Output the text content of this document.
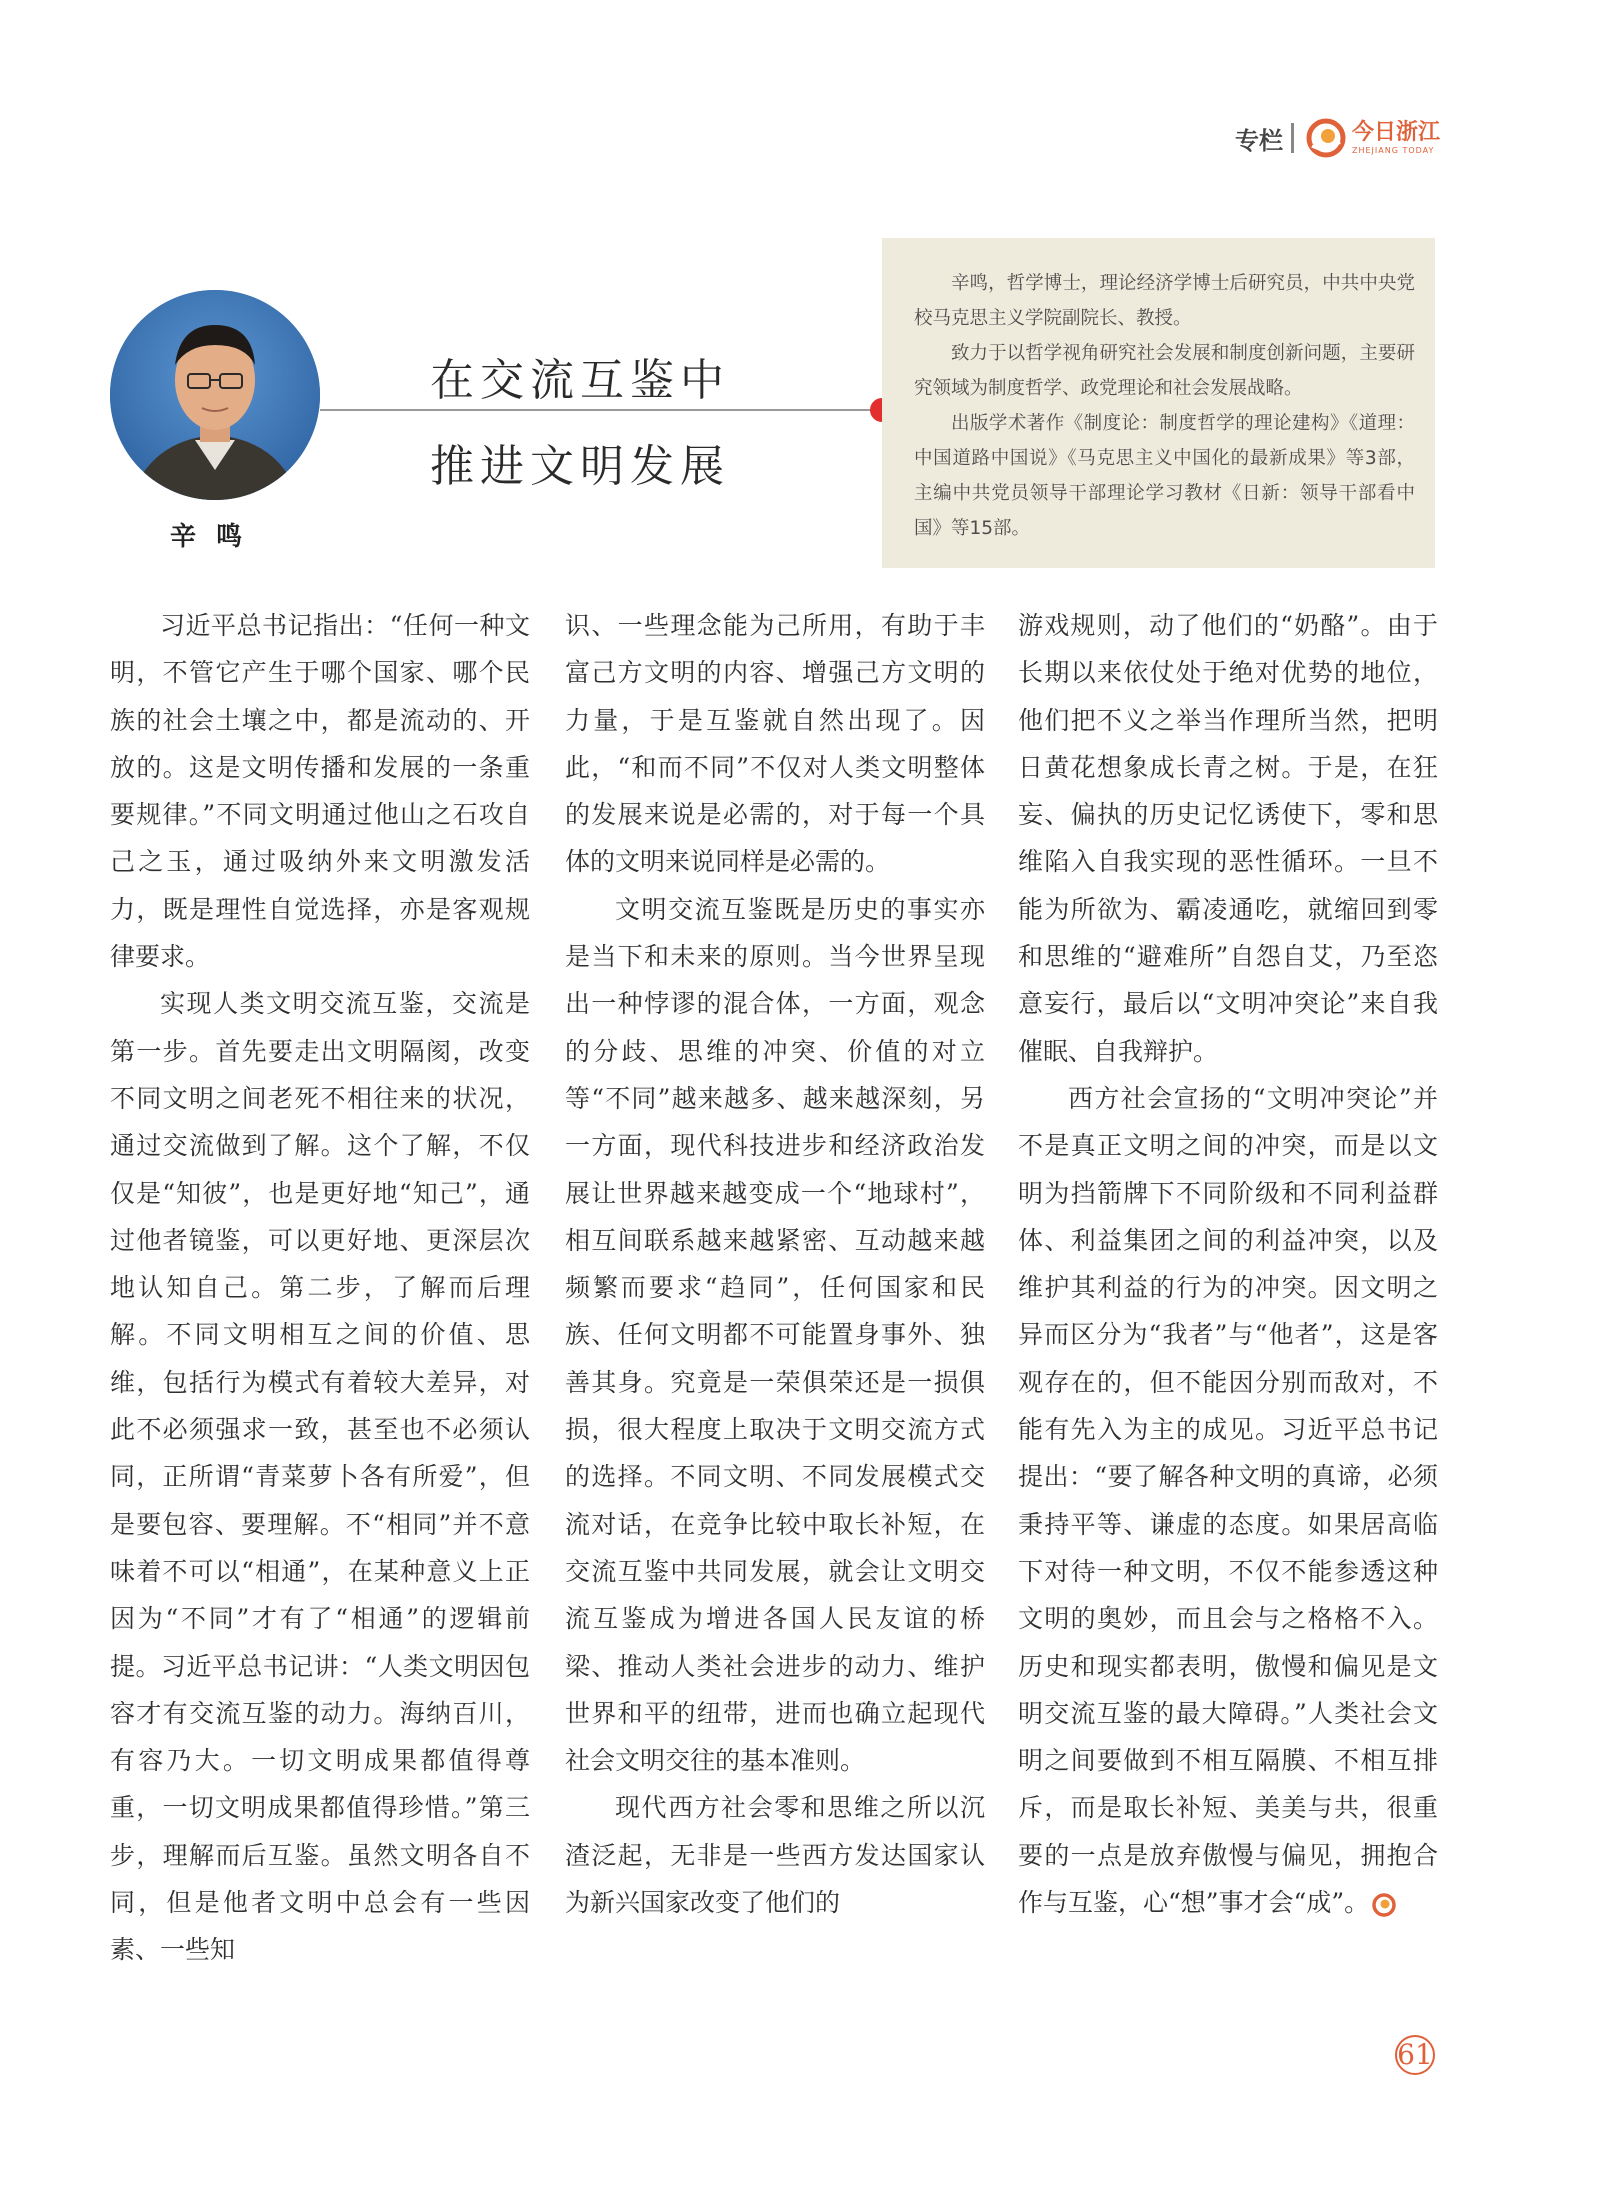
专栏	今日浙江
ZHEJIANG TODAY
辛鸣
在交流互鉴中
推进文明发展

辛鸣，哲学博士，理论经济学博士后研究员，中共中央党校马克思主义学院副院长、教授。

致力于以哲学视角研究社会发展和制度创新问题，主要研究领域为制度哲学、政党理论和社会发展战略。

出版学术著作《制度论：制度哲学的理论建构》《道理：中国道路中国说》《马克思主义中国化的最新成果》等3部，主编中共党员领导干部理论学习教材《日新：领导干部看中国》等15部。

习近平总书记指出：“任何一种文明，不管它产生于哪个国家、哪个民族的社会土壤之中，都是流动的、开放的。这是文明传播和发展的一条重要规律。”不同文明通过他山之石攻自己之玉，通过吸纳外来文明激发活力，既是理性自觉选择，亦是客观规律要求。

实现人类文明交流互鉴，交流是第一步。首先要走出文明隔阂，改变不同文明之间老死不相往来的状况，通过交流做到了解。这个了解，不仅仅是“知彼”，也是更好地“知己”，通过他者镜鉴，可以更好地、更深层次地认知自己。第二步，了解而后理解。不同文明相互之间的价值、思维，包括行为模式有着较大差异，对此不必须强求一致，甚至也不必须认同，正所谓“青菜萝卜各有所爱”，但是要包容、要理解。不“相同”并不意味着不可以“相通”，在某种意义上正因为“不同”才有了“相通”的逻辑前提。习近平总书记讲：“人类文明因包容才有交流互鉴的动力。海纳百川，有容乃大。一切文明成果都值得尊重，一切文明成果都值得珍惜。”第三步，理解而后互鉴。虽然文明各自不同，但是他者文明中总会有一些因素、一些知

识、一些理念能为己所用，有助于丰富己方文明的内容、增强己方文明的力量，于是互鉴就自然出现了。因此，“和而不同”不仅对人类文明整体的发展来说是必需的，对于每一个具体的文明来说同样是必需的。

文明交流互鉴既是历史的事实亦是当下和未来的原则。当今世界呈现出一种悖谬的混合体，一方面，观念的分歧、思维的冲突、价值的对立等“不同”越来越多、越来越深刻，另一方面，现代科技进步和经济政治发展让世界越来越变成一个“地球村”，相互间联系越来越紧密、互动越来越频繁而要求“趋同”，任何国家和民族、任何文明都不可能置身事外、独善其身。究竟是一荣俱荣还是一损俱损，很大程度上取决于文明交流方式的选择。不同文明、不同发展模式交流对话，在竞争比较中取长补短，在交流互鉴中共同发展，就会让文明交流互鉴成为增进各国人民友谊的桥梁、推动人类社会进步的动力、维护世界和平的纽带，进而也确立起现代社会文明交往的基本准则。

现代西方社会零和思维之所以沉渣泛起，无非是一些西方发达国家认为新兴国家改变了他们的

游戏规则，动了他们的“奶酪”。由于长期以来依仗处于绝对优势的地位，他们把不义之举当作理所当然，把明日黄花想象成长青之树。于是，在狂妄、偏执的历史记忆诱使下，零和思维陷入自我实现的恶性循环。一旦不能为所欲为、霸凌通吃，就缩回到零和思维的“避难所”自怨自艾，乃至恣意妄行，最后以“文明冲突论”来自我催眠、自我辩护。

西方社会宣扬的“文明冲突论”并不是真正文明之间的冲突，而是以文明为挡箭牌下不同阶级和不同利益群体、利益集团之间的利益冲突，以及维护其利益的行为的冲突。因文明之异而区分为“我者”与“他者”，这是客观存在的，但不能因分别而敌对，不能有先入为主的成见。习近平总书记提出：“要了解各种文明的真谛，必须秉持平等、谦虚的态度。如果居高临下对待一种文明，不仅不能参透这种文明的奥妙，而且会与之格格不入。历史和现实都表明，傲慢和偏见是文明交流互鉴的最大障碍。”人类社会文明之间要做到不相互隔膜、不相互排斥，而是取长补短、美美与共，很重要的一点是放弃傲慢与偏见，拥抱合作与互鉴，心“想”事才会“成”。

61
